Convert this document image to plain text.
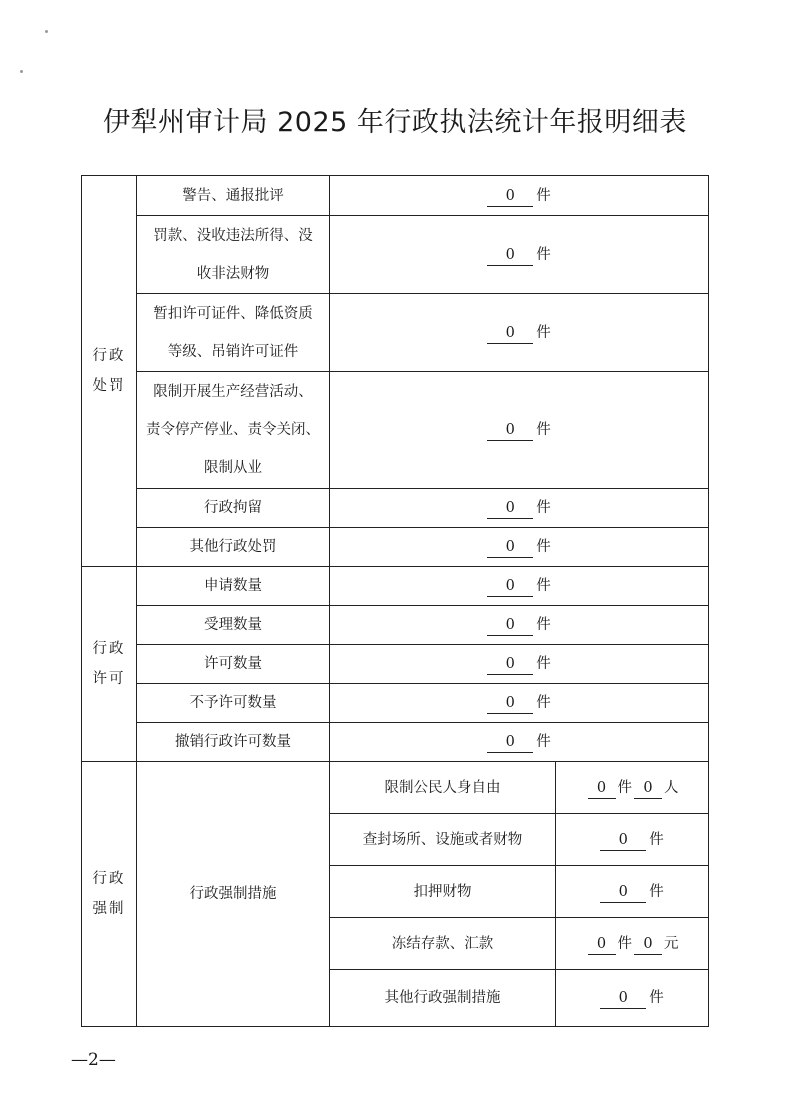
伊犁州审计局 2025 年行政执法统计年报明细表
行政
处罚	警告、通报批评	0 件	

	罚款、没收违法所得、没
收非法财物	0 件	

	暂扣许可证件、降低资质
等级、吊销许可证件	0 件	

	限制开展生产经营活动、
责令停产停业、责令关闭、
限制从业	0 件	
	行政拘留	0 件	
	其他行政处罚	0 件	

行政
许可	申请数量	0 件	
	受理数量	0 件	
	许可数量	0 件	
	不予许可数量	0 件	
	撤销行政许可数量	0 件	

行政
强制	行政强制措施	限制公民人身自由	0 件 0 人
		查封场所、设施或者财物	0 件
		扣押财物	0 件
		冻结存款、汇款	0 件 0 元
		其他行政强制措施	0 件
—2—
